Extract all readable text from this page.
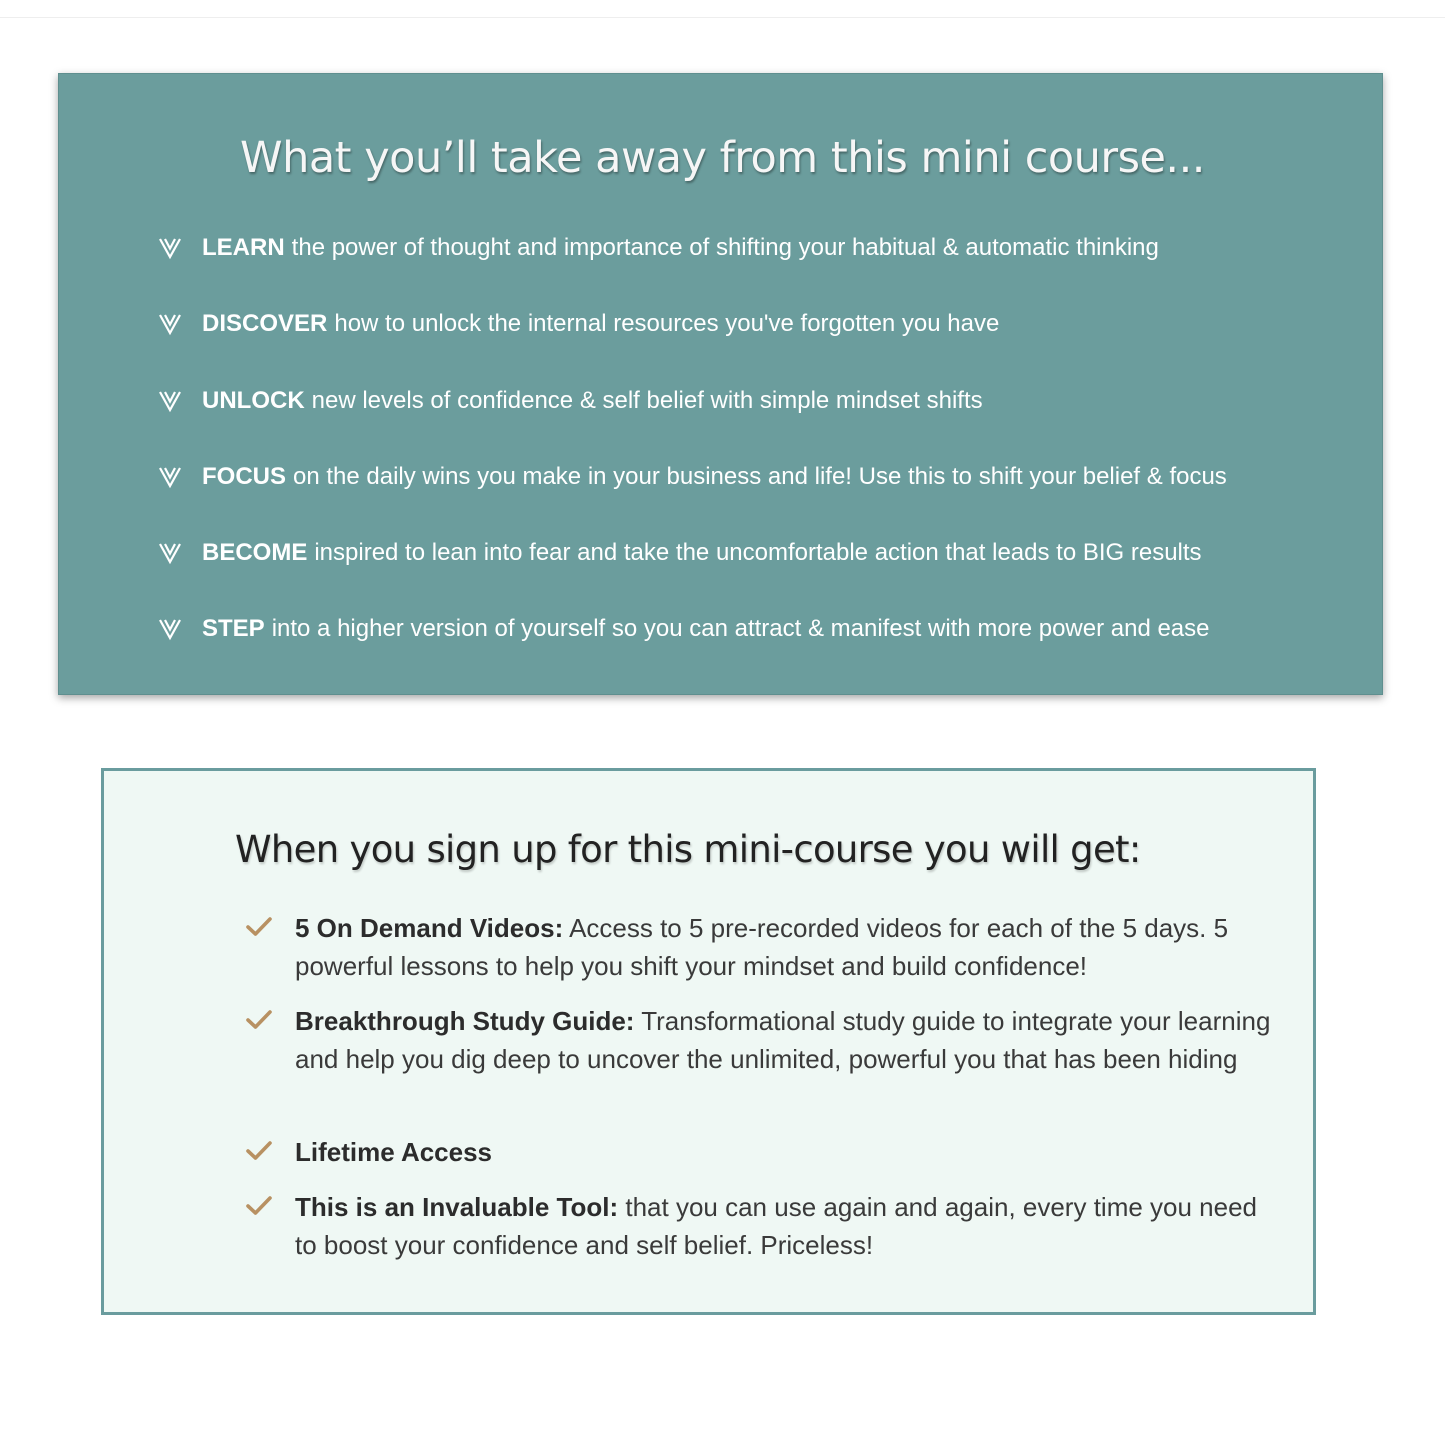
What you’ll take away from this mini course...
LEARN the power of thought and importance of shifting your habitual & automatic thinking
DISCOVER how to unlock the internal resources you've forgotten you have
UNLOCK new levels of confidence & self belief with simple mindset shifts
FOCUS on the daily wins you make in your business and life! Use this to shift your belief & focus
BECOME inspired to lean into fear and take the uncomfortable action that leads to BIG results
STEP into a higher version of yourself so you can attract & manifest with more power and ease
When you sign up for this mini-course you will get:
5 On Demand Videos: Access to 5 pre-recorded videos for each of the 5 days. 5 powerful lessons to help you shift your mindset and build confidence!
Breakthrough Study Guide: Transformational study guide to integrate your learning and help you dig deep to uncover the unlimited, powerful you that has been hiding
Lifetime Access
This is an Invaluable Tool: that you can use again and again, every time you need to boost your confidence and self belief. Priceless!
